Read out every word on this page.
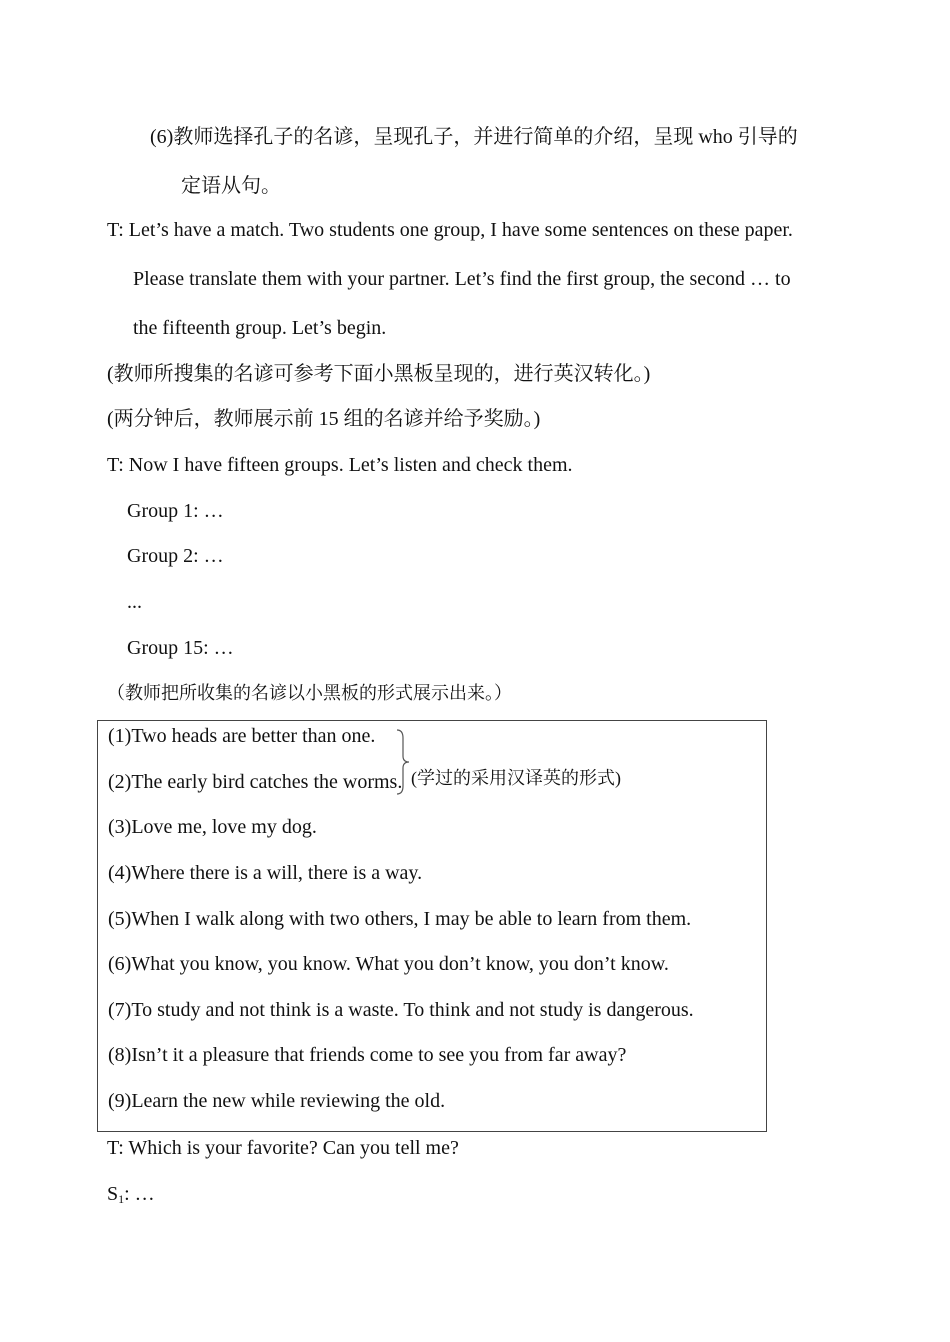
(6)教师选择孔子的名谚，呈现孔子，并进行简单的介绍，呈现 who 引导的
定语从句。
T: Let’s have a match. Two students one group, I have some sentences on these paper.
Please translate them with your partner. Let’s find the first group, the second … to
the fifteenth group. Let’s begin.
(教师所搜集的名谚可参考下面小黑板呈现的，进行英汉转化。)
(两分钟后，教师展示前 15 组的名谚并给予奖励。)
T: Now I have fifteen groups. Let’s listen and check them.
Group 1: …
Group 2: …
...
Group 15: …
（教师把所收集的名谚以小黑板的形式展示出来。）
(1)Two heads are better than one.
(2)The early bird catches the worms.
(3)Love me, love my dog.
(4)Where there is a will, there is a way.
(5)When I walk along with two others, I may be able to learn from them.
(6)What you know, you know. What you don’t know, you don’t know.
(7)To study and not think is a waste. To think and not study is dangerous.
(8)Isn’t it a pleasure that friends come to see you from far away?
(9)Learn the new while reviewing the old.
(学过的采用汉译英的形式)
T: Which is your favorite? Can you tell me?
$S_1$: …
